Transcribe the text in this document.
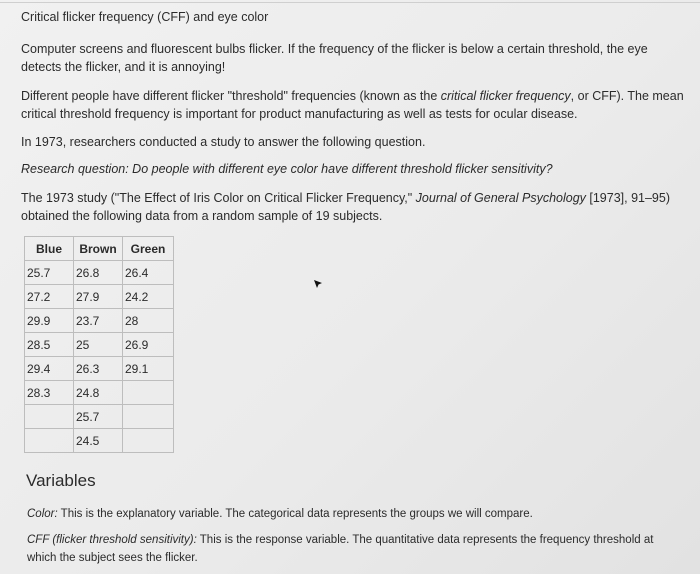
Critical flicker frequency (CFF) and eye color
Computer screens and fluorescent bulbs flicker. If the frequency of the flicker is below a certain threshold, the eye detects the flicker, and it is annoying!
Different people have different flicker "threshold" frequencies (known as the critical flicker frequency, or CFF). The mean critical threshold frequency is important for product manufacturing as well as tests for ocular disease.
In 1973, researchers conducted a study to answer the following question.
Research question: Do people with different eye color have different threshold flicker sensitivity?
The 1973 study ("The Effect of Iris Color on Critical Flicker Frequency," Journal of General Psychology [1973], 91–95) obtained the following data from a random sample of 19 subjects.
Blue	Brown	Green
25.7	26.8	26.4
27.2	27.9	24.2
29.9	23.7	28
28.5	25	26.9
29.4	26.3	29.1
28.3	24.8	
	25.7	
	24.5	
Variables
Color: This is the explanatory variable. The categorical data represents the groups we will compare.
CFF (flicker threshold sensitivity): This is the response variable. The quantitative data represents the frequency threshold at which the subject sees the flicker.
